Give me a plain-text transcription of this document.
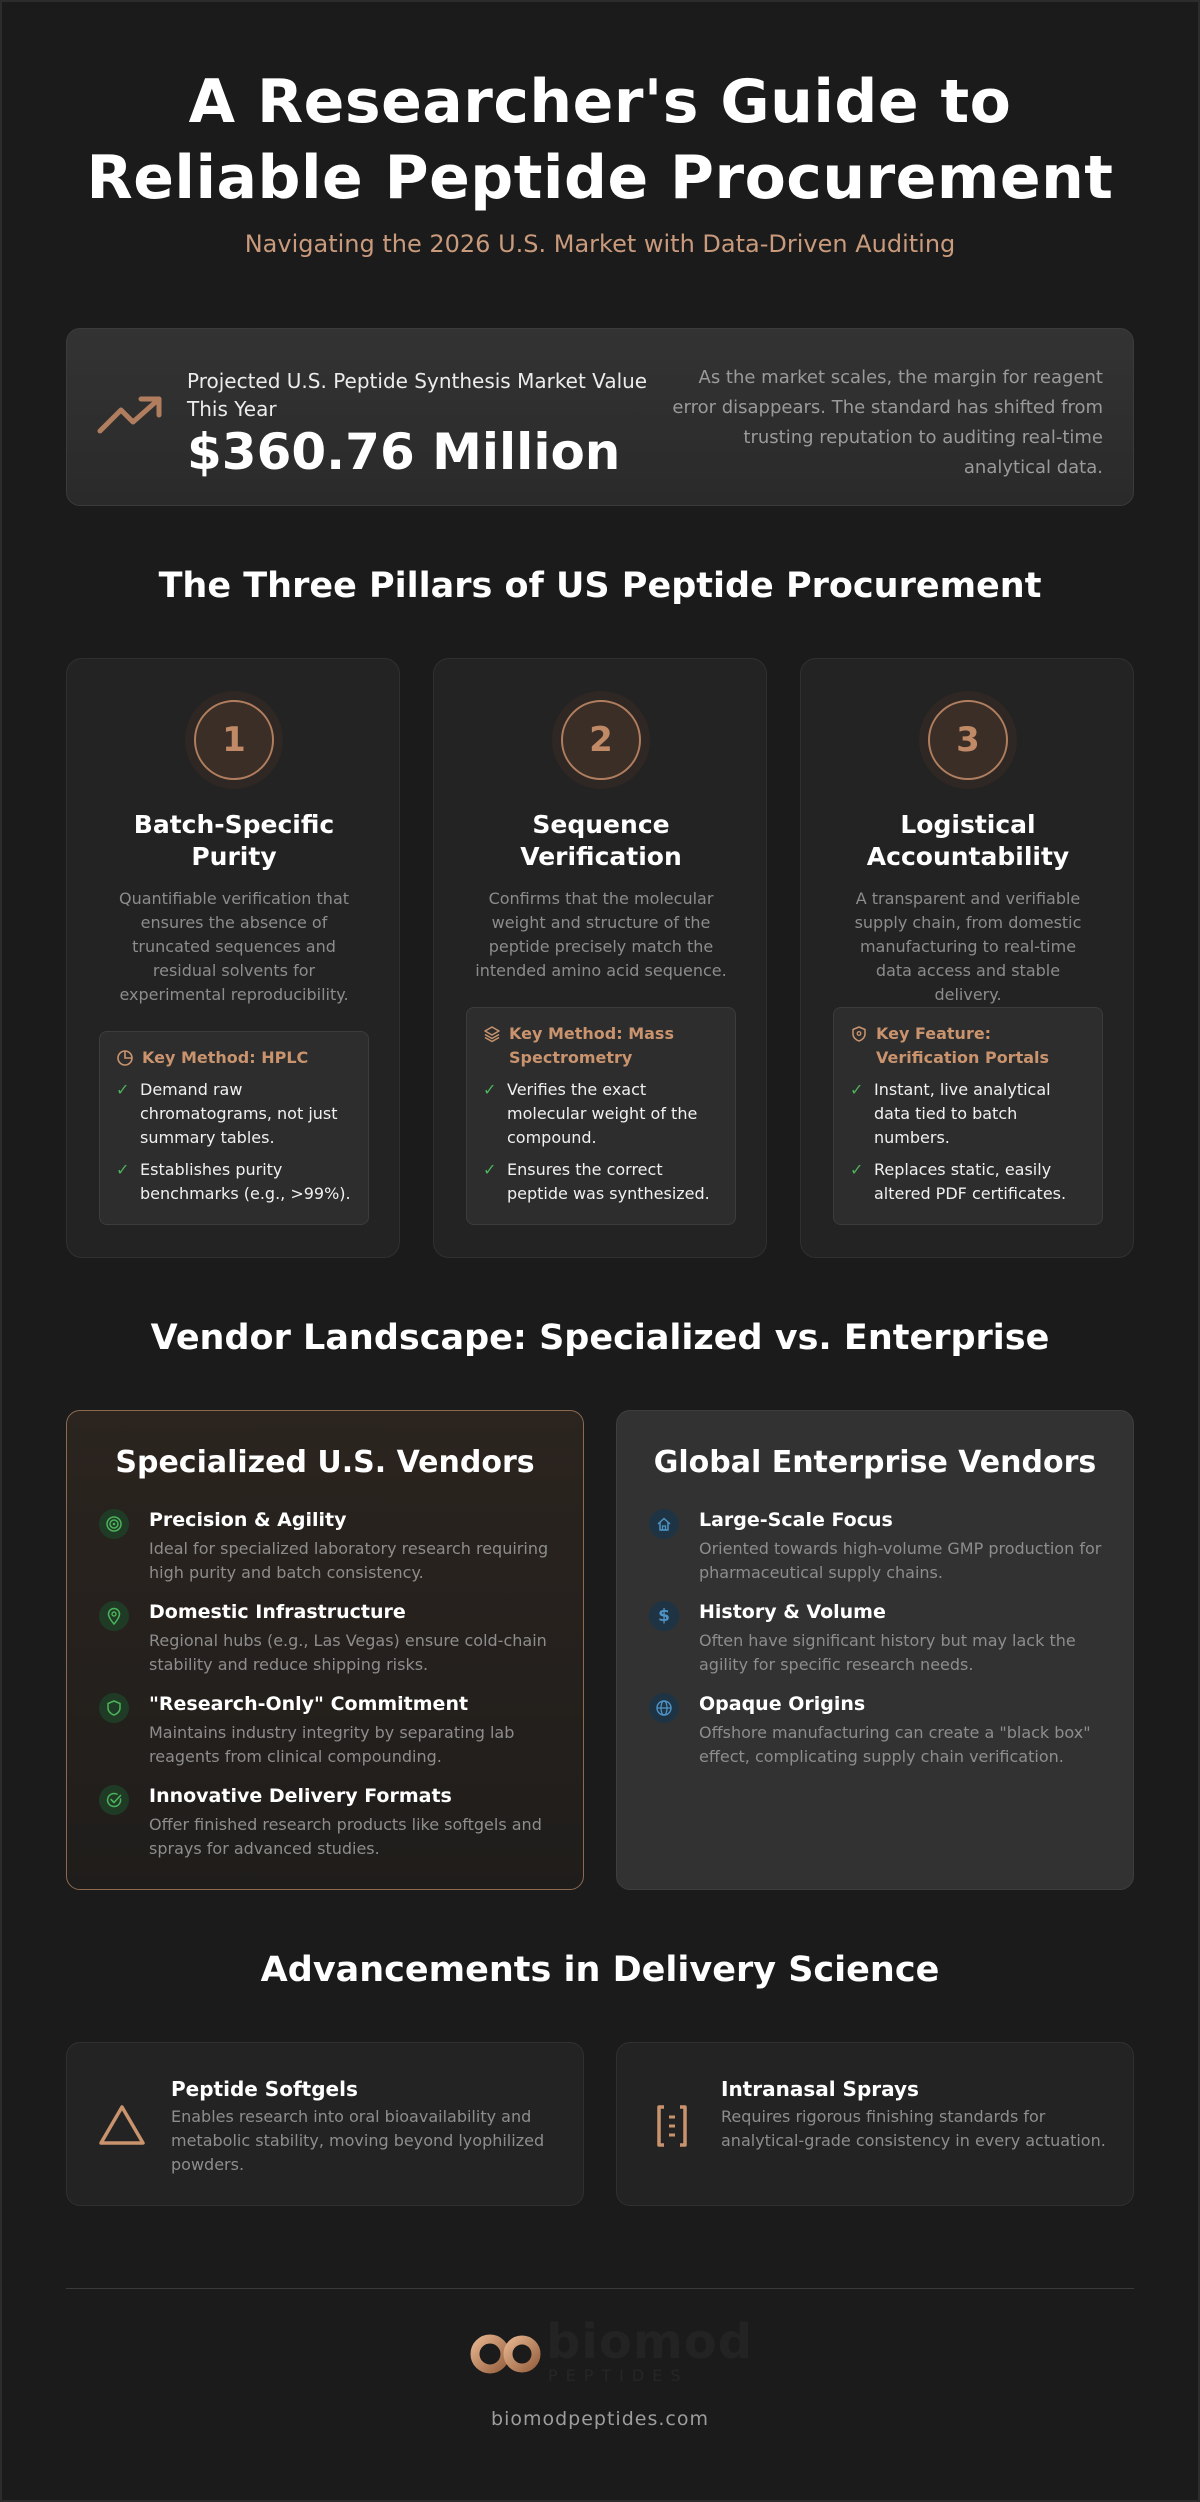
A Researcher's Guide to Reliable Peptide Procurement
Navigating the 2026 U.S. Market with Data-Driven Auditing
Projected U.S. Peptide Synthesis Market Value This Year
$360.76 Million
As the market scales, the margin for reagent error disappears. The standard has shifted from trusting reputation to auditing real-time analytical data.
The Three Pillars of US Peptide Procurement
1
Batch-Specific Purity
Quantifiable verification that ensures the absence of truncated sequences and residual solvents for experimental reproducibility.
Key Method: HPLC
✓ Demand raw chromatograms, not just summary tables.
✓ Establishes purity benchmarks (e.g., >99%).
2
Sequence Verification
Confirms that the molecular weight and structure of the peptide precisely match the intended amino acid sequence.
Key Method: Mass Spectrometry
✓ Verifies the exact molecular weight of the compound.
✓ Ensures the correct peptide was synthesized.
3
Logistical Accountability
A transparent and verifiable supply chain, from domestic manufacturing to real-time data access and stable delivery.
Key Feature: Verification Portals
✓ Instant, live analytical data tied to batch numbers.
✓ Replaces static, easily altered PDF certificates.
Vendor Landscape: Specialized vs. Enterprise
Specialized U.S. Vendors
Precision & Agility
Ideal for specialized laboratory research requiring high purity and batch consistency.
Domestic Infrastructure
Regional hubs (e.g., Las Vegas) ensure cold-chain stability and reduce shipping risks.
"Research-Only" Commitment
Maintains industry integrity by separating lab reagents from clinical compounding.
Innovative Delivery Formats
Offer finished research products like softgels and sprays for advanced studies.
Global Enterprise Vendors
Large-Scale Focus
Oriented towards high-volume GMP production for pharmaceutical supply chains.
$ History & Volume
Often have significant history but may lack the agility for specific research needs.
Opaque Origins
Offshore manufacturing can create a "black box" effect, complicating supply chain verification.
Advancements in Delivery Science
Peptide Softgels
Enables research into oral bioavailability and metabolic stability, moving beyond lyophilized powders.
Intranasal Sprays
Requires rigorous finishing standards for analytical-grade consistency in every actuation.
biomod
PEPTIDES
biomodpeptides.com
